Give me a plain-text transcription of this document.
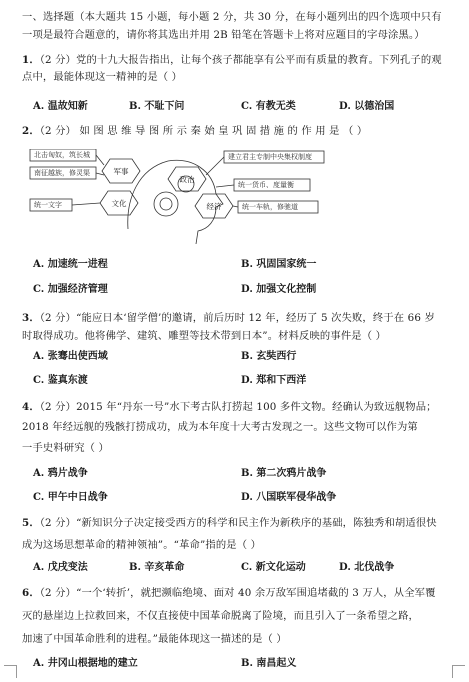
一、选择题（本大题共 15 小题，每小题 2 分，共 30 分，在每小题列出的四个选项中只有
一项是最符合题意的，请你将其选出并用 2B 铅笔在答题卡上将对应题目的字母涂黑。）
1．（2 分）党的十九大报告指出，让每个孩子都能享有公平而有质量的教育。下列孔子的观
点中，最能体现这一精神的是（ ）
A. 温故知新	B. 不耻下问	C. 有教无类	D. 以德治国
2．（2 分） 如 图 思 维 导 图 所 示 秦 始 皇 巩 固 措 施 的 作 用 是 （ ）
北击匈奴，筑长城
南征越族，修灵渠
建立君主专制中央集权制度
统一货币、度量衡
统一文字	统一车轨，修驰道
军事
政治
经济
文化
A. 加速统一进程	B. 巩固国家统一
C. 加强经济管理	D. 加强文化控制
3．（2 分）“能应日本‘留学僧’的邀请，前后历时 12 年，经历了 5 次失败，终于在 66 岁
时取得成功。他将佛学、建筑、雕塑等技术带到日本”。材料反映的事件是（ ）
A. 张骞出使西域	B. 玄奘西行
C. 鉴真东渡	D. 郑和下西洋
4．（2 分）2015 年“丹东一号”水下考古队打捞起 100 多件文物。经确认为致远舰物品；
2018 年经远舰的残骸打捞成功，成为本年度十大考古发现之一。这些文物可以作为第
一手史料研究（ ）
A. 鸦片战争	B. 第二次鸦片战争
C. 甲午中日战争	D. 八国联军侵华战争
5．（2 分）“新知识分子决定接受西方的科学和民主作为新秩序的基础，陈独秀和胡适很快
成为这场思想革命的精神领袖”。“革命”指的是（ ）
A. 戊戌变法	B. 辛亥革命	C. 新文化运动	D. 北伐战争
6．（2 分）“一个‘转折’，就把濒临绝境、面对 40 余万敌军围追堵截的 3 万人，从全军覆
灭的悬崖边上拉救回来，不仅直接使中国革命脱离了险境，而且引入了一条希望之路，
加速了中国革命胜利的进程。”最能体现这一描述的是（ ）
A. 井冈山根据地的建立	B. 南昌起义
